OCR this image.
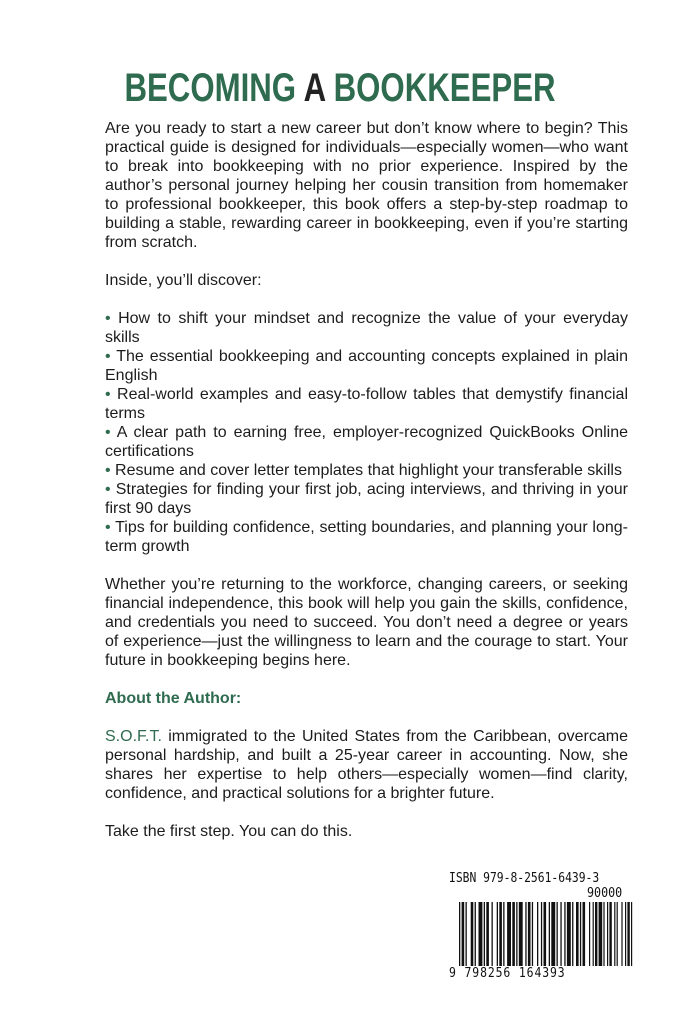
BECOMING A BOOKKEEPER

Are you ready to start a new career but don’t know where to begin? This practical guide is designed for individuals—especially women—who want to break into bookkeeping with no prior experience. Inspired by the author’s personal journey helping her cousin transition from homemaker to professional bookkeeper, this book offers a step-by-step roadmap to building a stable, rewarding career in bookkeeping, even if you’re starting from scratch.

Inside, you’ll discover:

• How to shift your mindset and recognize the value of your everyday skills
• The essential bookkeeping and accounting concepts explained in plain English
• Real-world examples and easy-to-follow tables that demystify financial terms
• A clear path to earning free, employer-recognized QuickBooks Online certifications
• Resume and cover letter templates that highlight your transferable skills
• Strategies for finding your first job, acing interviews, and thriving in your first 90 days
• Tips for building confidence, setting boundaries, and planning your long-term growth

Whether you’re returning to the workforce, changing careers, or seeking financial independence, this book will help you gain the skills, confidence, and credentials you need to succeed. You don’t need a degree or years of experience—just the willingness to learn and the courage to start. Your future in bookkeeping begins here.

About the Author:

S.O.F.T. immigrated to the United States from the Caribbean, overcame personal hardship, and built a 25-year career in accounting. Now, she shares her expertise to help others—especially women—find clarity, confidence, and practical solutions for a brighter future.

Take the first step. You can do this.

ISBN 979-8-2561-6439-3
90000
9 798256 164393
